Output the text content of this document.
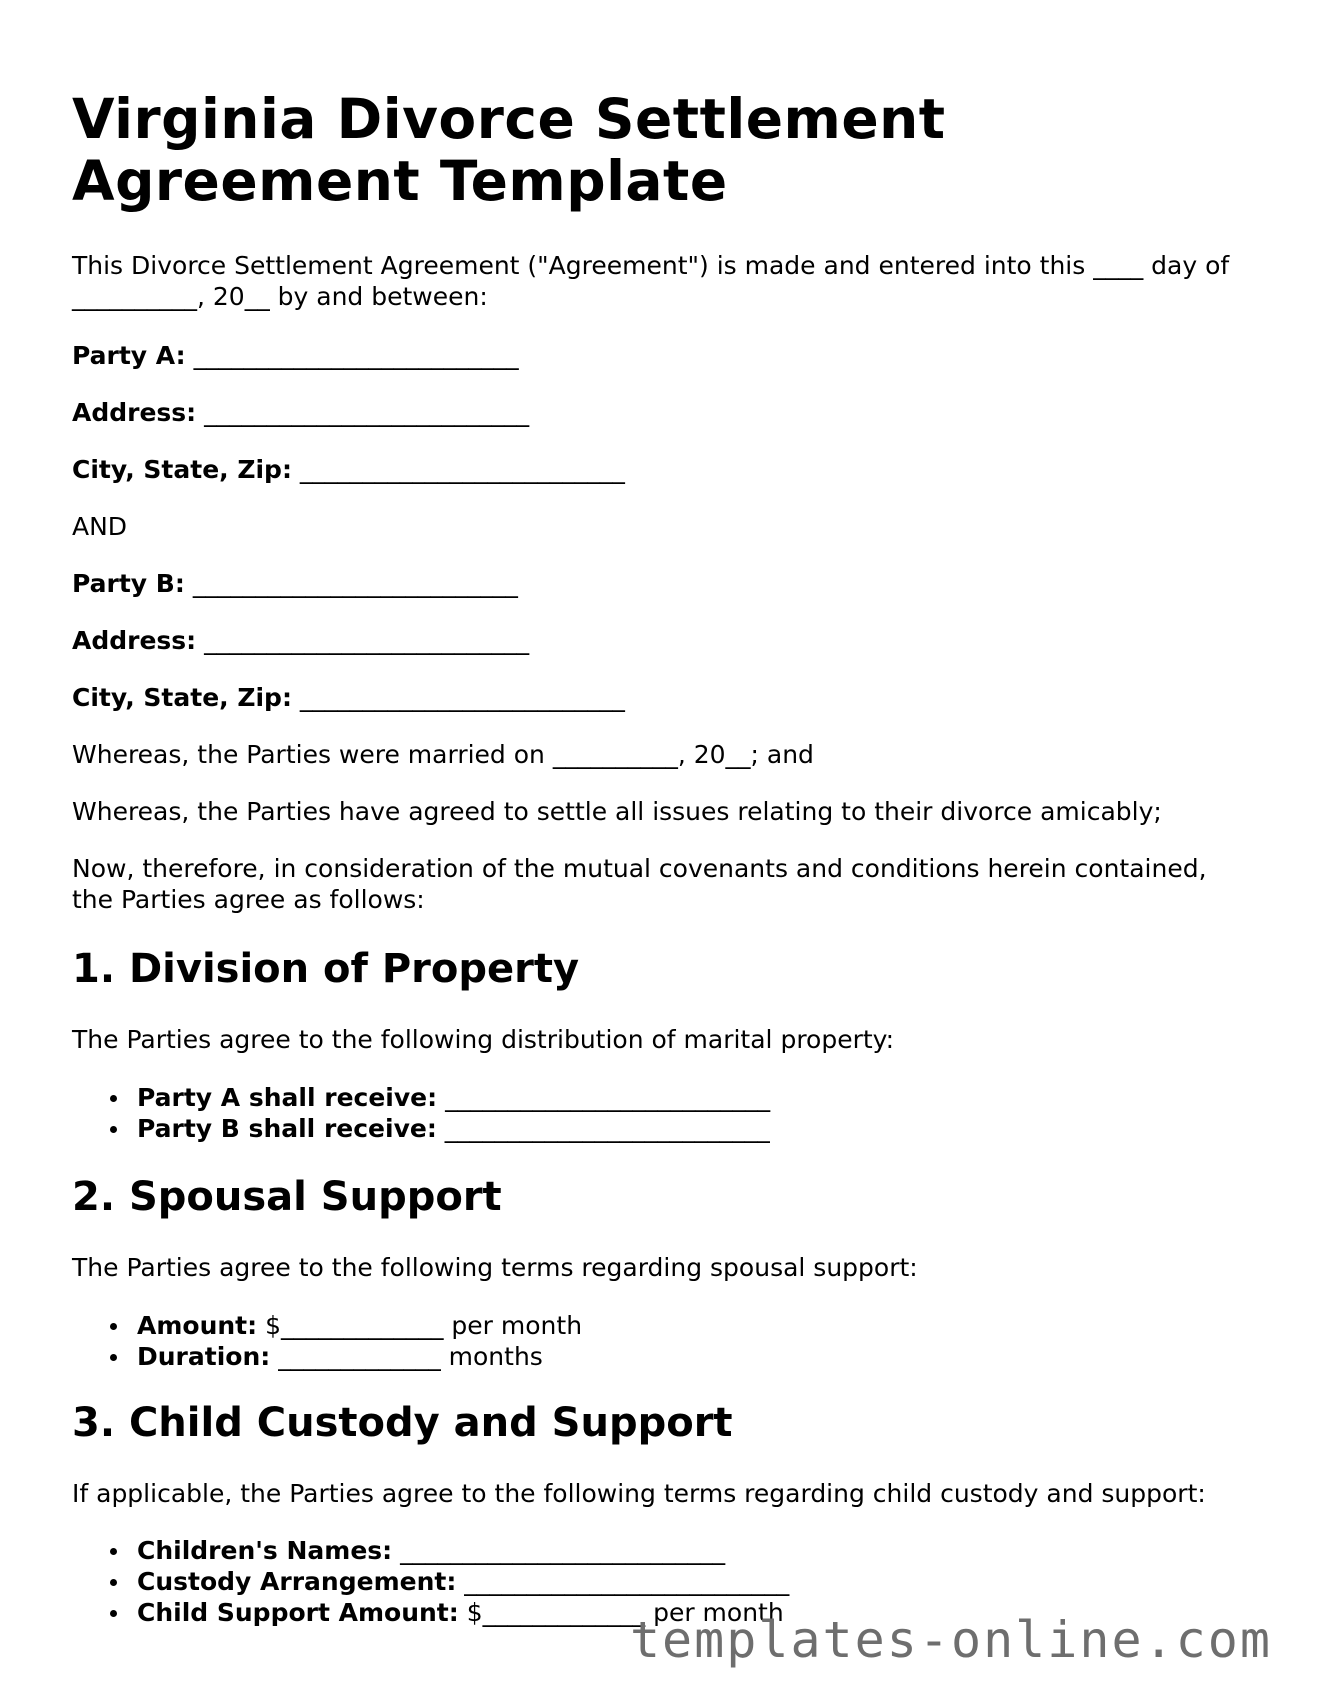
Virginia Divorce Settlement Agreement Template
This Divorce Settlement Agreement ("Agreement") is made and entered into this ____ day of __________, 20__ by and between:
Party A: __________________________
Address: __________________________
City, State, Zip: __________________________
AND
Party B: __________________________
Address: __________________________
City, State, Zip: __________________________
Whereas, the Parties were married on __________, 20__; and
Whereas, the Parties have agreed to settle all issues relating to their divorce amicably;
Now, therefore, in consideration of the mutual covenants and conditions herein contained, the Parties agree as follows:
1. Division of Property
The Parties agree to the following distribution of marital property:
Party A shall receive: __________________________
Party B shall receive: __________________________
2. Spousal Support
The Parties agree to the following terms regarding spousal support:
Amount: $_____________ per month
Duration: _____________ months
3. Child Custody and Support
If applicable, the Parties agree to the following terms regarding child custody and support:
Children's Names: __________________________
Custody Arrangement: __________________________
Child Support Amount: $_____________ per month
templates-online.com
